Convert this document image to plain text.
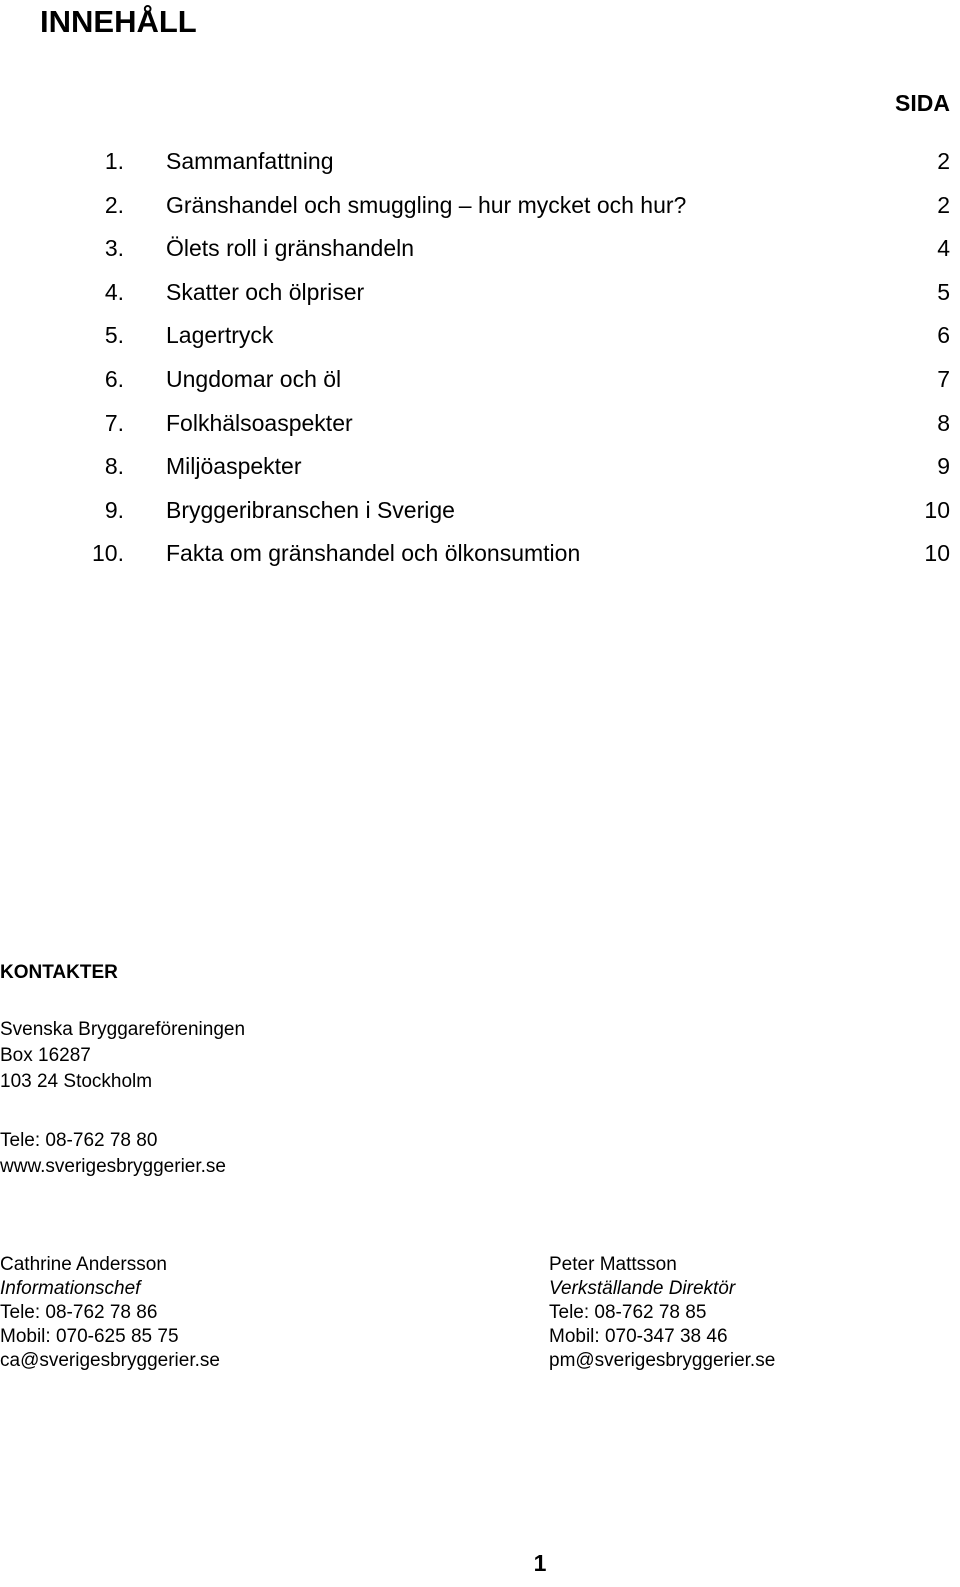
INNEHÅLL
SIDA
1. Sammanfattning	2
2. Gränshandel och smuggling – hur mycket och hur?	2
3. Ölets roll i gränshandeln	4
4. Skatter och ölpriser	5
5. Lagertryck	6
6. Ungdomar och öl	7
7. Folkhälsoaspekter	8
8. Miljöaspekter	9
9. Bryggeribranschen i Sverige	10
10. Fakta om gränshandel och ölkonsumtion	10
KONTAKTER
Svenska Bryggareföreningen
Box 16287
103 24 Stockholm
Tele: 08-762 78 80
www.sverigesbryggerier.se
Cathrine Andersson
Informationschef
Tele: 08-762 78 86
Mobil: 070-625 85 75
ca@sverigesbryggerier.se
Peter Mattsson
Verkställande Direktör
Tele: 08-762 78 85
Mobil: 070-347 38 46
pm@sverigesbryggerier.se
1
